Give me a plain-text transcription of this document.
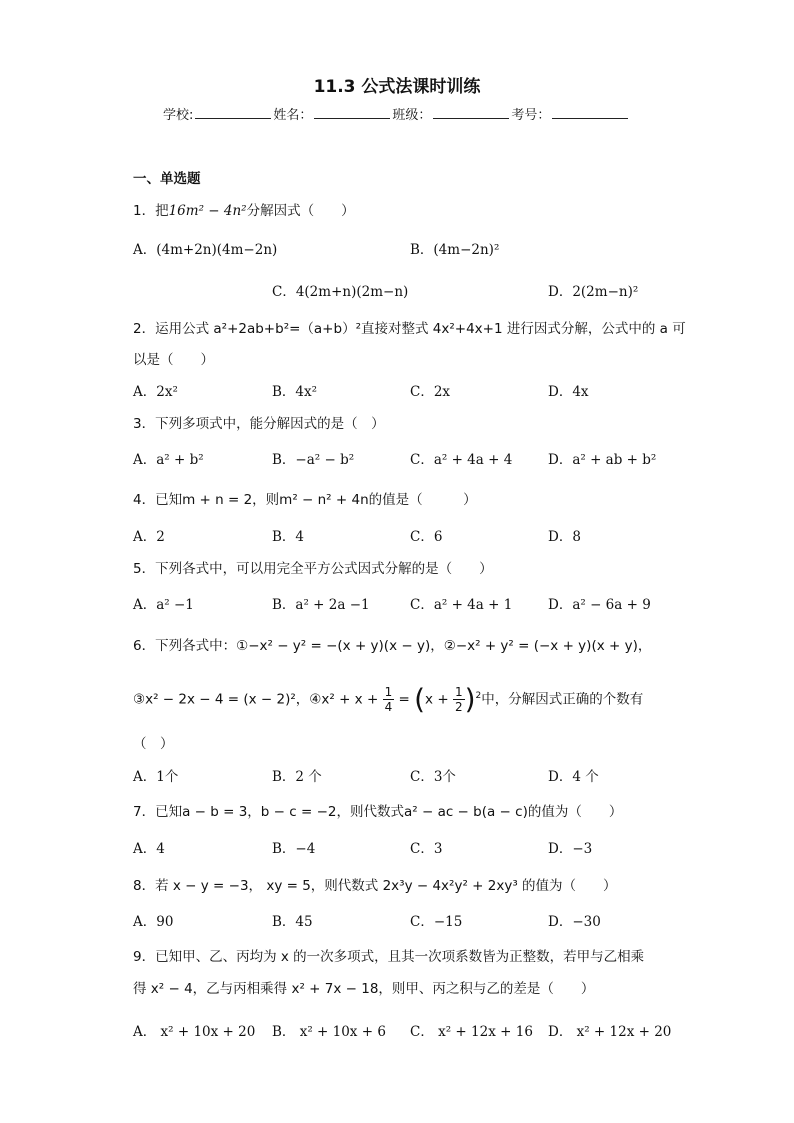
11.3 公式法课时训练
学校:	姓名：	班级：	考号：
一、单选题
1．把16m² − 4n²分解因式（　　）
A．(4m+2n)(4m−2n)	B．(4m−2n)²
C．4(2m+n)(2m−n)	D．2(2m−n)²
2．运用公式 a²+2ab+b²=（a+b）²直接对整式 4x²+4x+1 进行因式分解，公式中的 a 可
以是（　　）
A．2x²	B．4x²	C．2x	D．4x
3．下列多项式中，能分解因式的是（　）
A．a² + b²	B．−a² − b²	C．a² + 4a + 4	D．a² + ab + b²
4．已知m + n = 2，则m² − n² + 4n的值是（　　　）
A．2	B．4	C．6	D．8
5．下列各式中，可以用完全平方公式因式分解的是（　　）
A．a² −1	B．a² + 2a −1	C．a² + 4a + 1	D．a² − 6a + 9
6．下列各式中：①−x² − y² = −(x + y)(x − y)，②−x² + y² = (−x + y)(x + y)，
③x² − 2x − 4 = (x − 2)²，④x² + $x + \frac{1}{4} = (x + \frac{1}{2} )^2$中，分解因式正确的个数有
（　）
A．1个	B．2 个	C．3个	D．4 个
7．已知a − b = 3，b − c = −2，则代数式a² − ac − b(a − c)的值为（　　）
A．4	B．−4	C．3	D．−3
8．若 x − y = −3， xy = 5，则代数式 2x³y − 4x²y² + 2xy³ 的值为（　　）
A．90	B．45	C．−15	D．−30
9．已知甲、乙、丙均为 x 的一次多项式，且其一次项系数皆为正整数，若甲与乙相乘
得 x² − 4，乙与丙相乘得 x² + 7x − 18，则甲、丙之积与乙的差是（　　）
A． x² + 10x + 20 B． x² + 10x + 6 C． x² + 12x + 16 D． x² + 12x + 20
